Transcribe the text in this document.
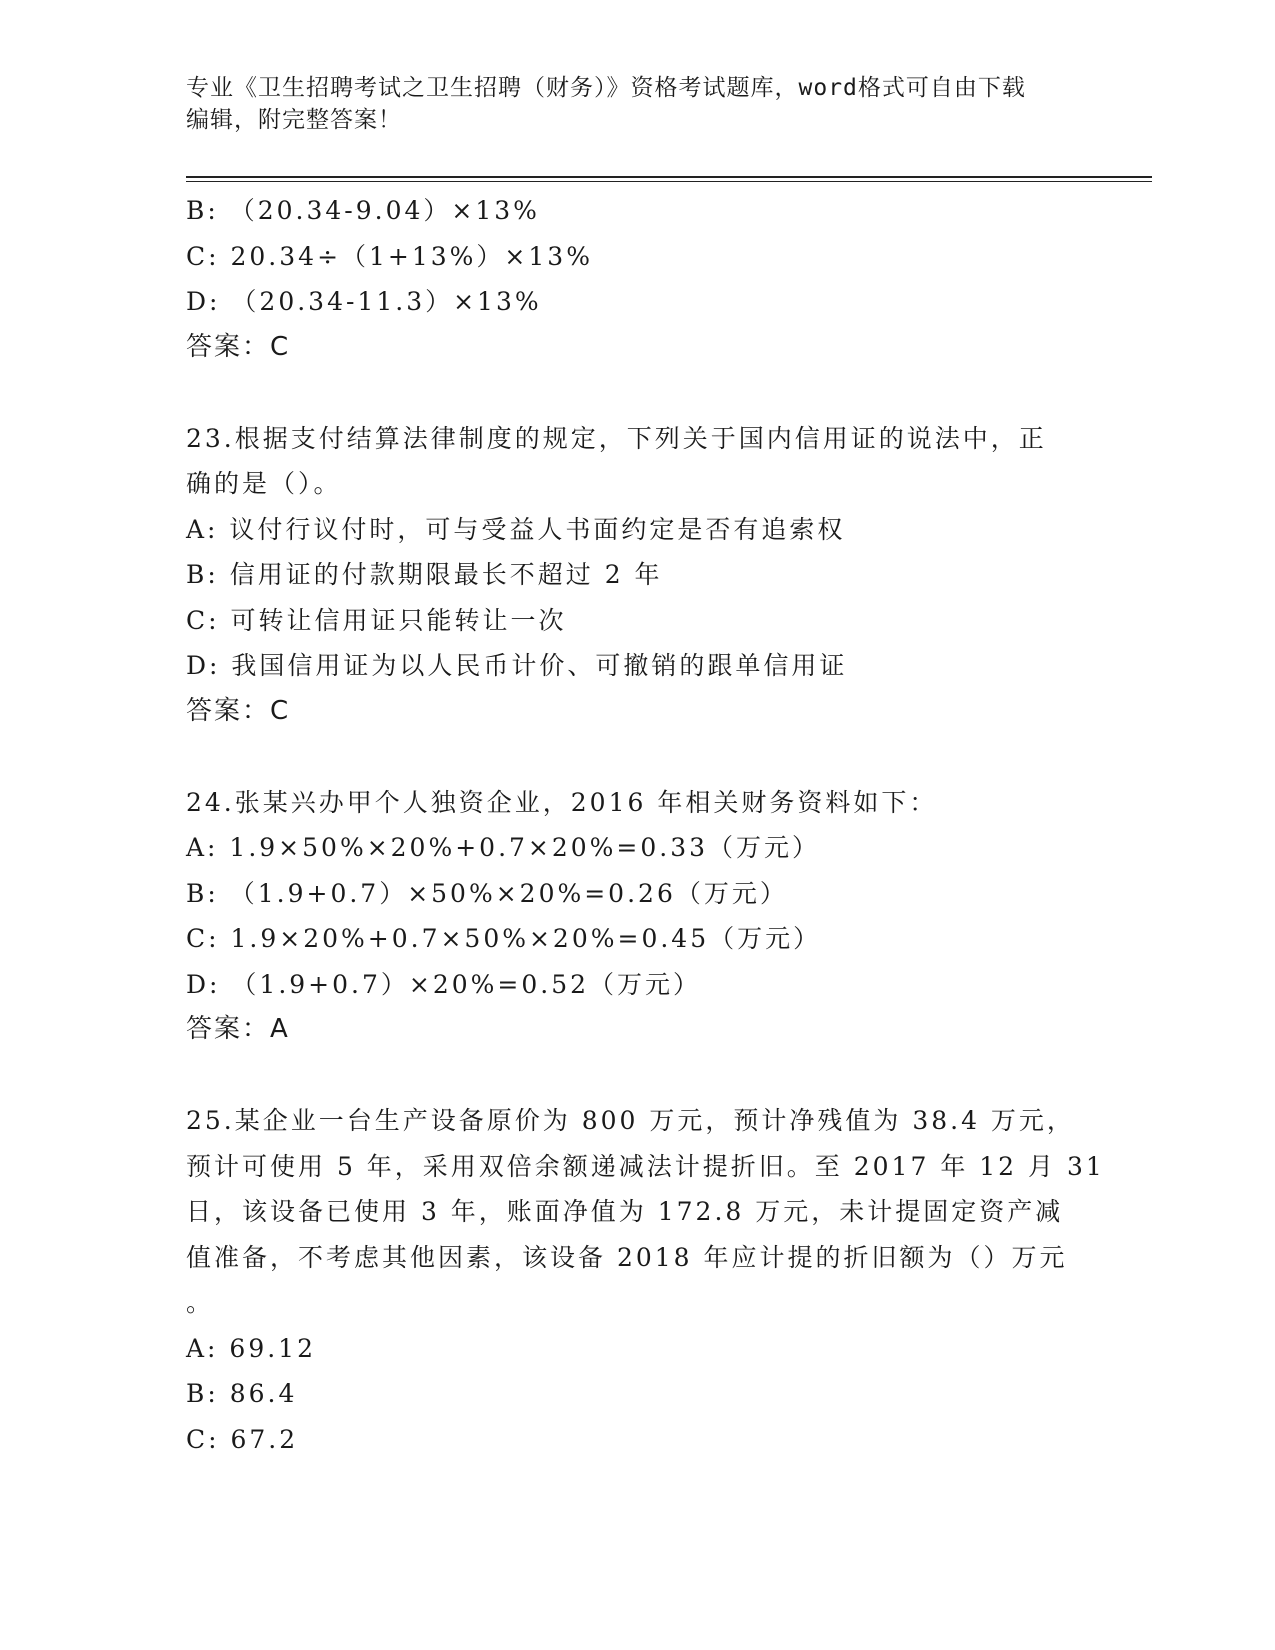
专业《卫生招聘考试之卫生招聘（财务）》资格考试题库，word格式可自由下载
编辑，附完整答案！
B: （20.34-9.04）×13%
C: 20.34÷（1+13%）×13%
D: （20.34-11.3）×13%
答案：C
23.根据支付结算法律制度的规定，下列关于国内信用证的说法中，正
确的是（）。
A: 议付行议付时，可与受益人书面约定是否有追索权
B: 信用证的付款期限最长不超过 2 年
C: 可转让信用证只能转让一次
D: 我国信用证为以人民币计价、可撤销的跟单信用证
答案：C
24.张某兴办甲个人独资企业，2016 年相关财务资料如下：
A: 1.9×50%×20%+0.7×20%=0.33（万元）
B: （1.9+0.7）×50%×20%=0.26（万元）
C: 1.9×20%+0.7×50%×20%=0.45（万元）
D: （1.9+0.7）×20%=0.52（万元）
答案：A
25.某企业一台生产设备原价为 800 万元，预计净残值为 38.4 万元，
预计可使用 5 年，采用双倍余额递减法计提折旧。至 2017 年 12 月 31
日，该设备已使用 3 年，账面净值为 172.8 万元，未计提固定资产减
值准备，不考虑其他因素，该设备 2018 年应计提的折旧额为（）万元
。
A: 69.12
B: 86.4
C: 67.2
